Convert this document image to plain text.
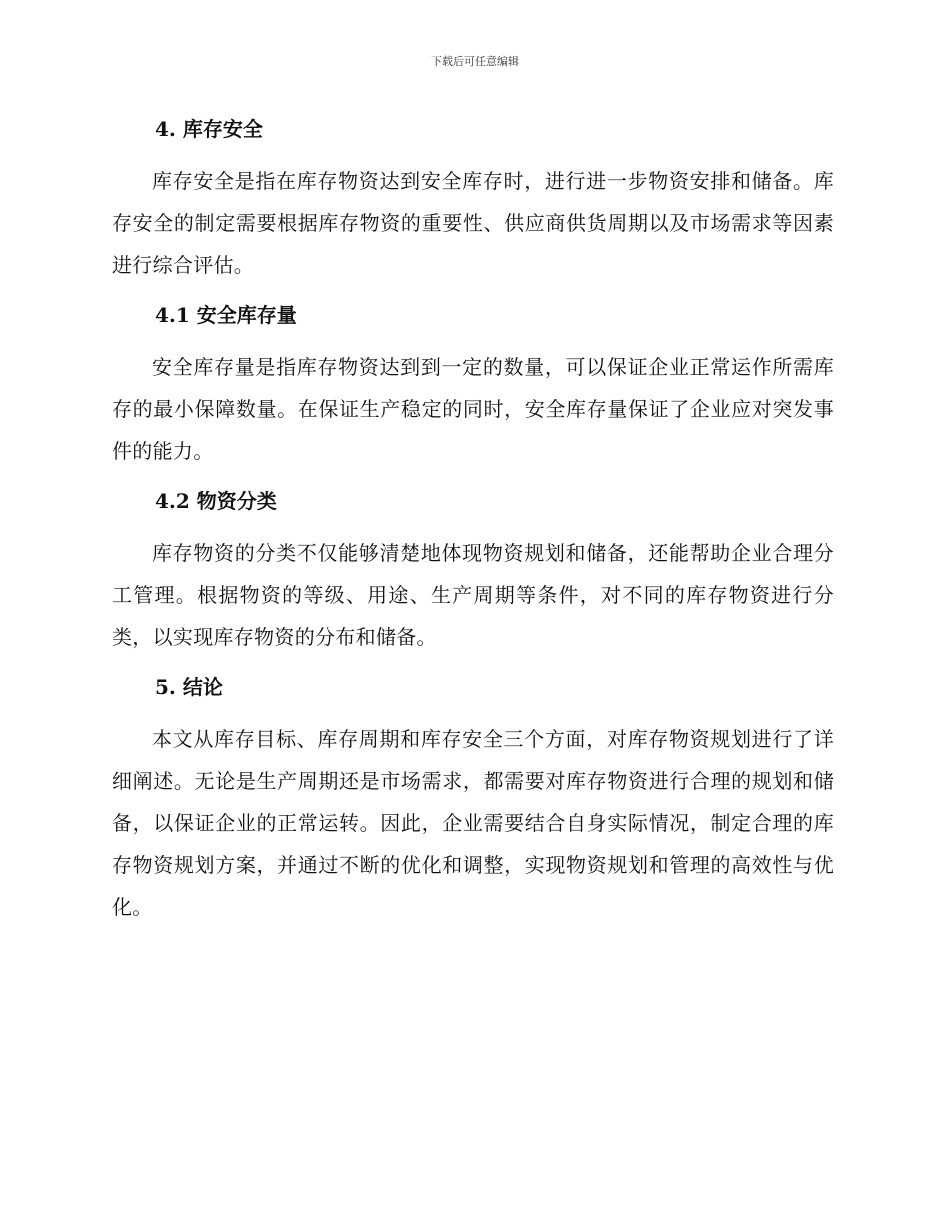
下载后可任意编辑
4. 库存安全

库存安全是指在库存物资达到安全库存时，进行进一步物资安排和储备。库存安全的制定需要根据库存物资的重要性、供应商供货周期以及市场需求等因素进行综合评估。

4.1 安全库存量

安全库存量是指库存物资达到到一定的数量，可以保证企业正常运作所需库存的最小保障数量。在保证生产稳定的同时，安全库存量保证了企业应对突发事件的能力。

4.2 物资分类

库存物资的分类不仅能够清楚地体现物资规划和储备，还能帮助企业合理分工管理。根据物资的等级、用途、生产周期等条件，对不同的库存物资进行分类，以实现库存物资的分布和储备。

5. 结论

本文从库存目标、库存周期和库存安全三个方面，对库存物资规划进行了详细阐述。无论是生产周期还是市场需求，都需要对库存物资进行合理的规划和储备，以保证企业的正常运转。因此，企业需要结合自身实际情况，制定合理的库存物资规划方案，并通过不断的优化和调整，实现物资规划和管理的高效性与优化。
